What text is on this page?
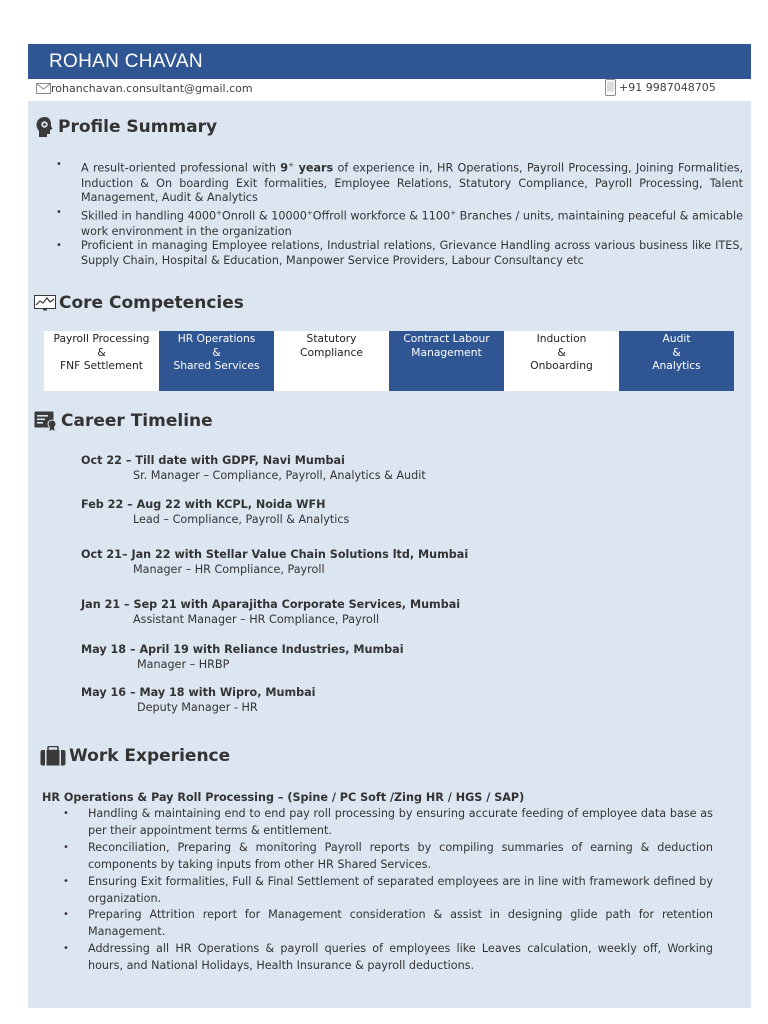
ROHAN CHAVAN
rohanchavan.consultant@gmail.com	+91 9987048705
Profile Summary
• A result-oriented professional with 9+ years of experience in, HR Operations, Payroll Processing, Joining Formalities, Induction & On boarding Exit formalities, Employee Relations, Statutory Compliance, Payroll Processing, Talent Management, Audit & Analytics
• Skilled in handling 4000+Onroll & 10000+Offroll workforce & 1100+ Branches / units, maintaining peaceful & amicable work environment in the organization
• Proficient in managing Employee relations, Industrial relations, Grievance Handling across various business like ITES, Supply Chain, Hospital & Education, Manpower Service Providers, Labour Consultancy etc
Core Competencies
Payroll Processing
&
FNF Settlement
HR Operations
&
Shared Services
Statutory
Compliance
Contract Labour
Management
Induction
&
Onboarding
Audit
&
Analytics
Career Timeline
Oct 22 – Till date with GDPF, Navi Mumbai
Sr. Manager – Compliance, Payroll, Analytics & Audit
Feb 22 – Aug 22 with KCPL, Noida WFH
Lead – Compliance, Payroll & Analytics
Oct 21– Jan 22 with Stellar Value Chain Solutions ltd, Mumbai
Manager – HR Compliance, Payroll
Jan 21 – Sep 21 with Aparajitha Corporate Services, Mumbai
Assistant Manager – HR Compliance, Payroll
May 18 – April 19 with Reliance Industries, Mumbai
Manager – HRBP
May 16 – May 18 with Wipro, Mumbai
Deputy Manager - HR
Work Experience
HR Operations & Pay Roll Processing – (Spine / PC Soft /Zing HR / HGS / SAP)
• Handling & maintaining end to end pay roll processing by ensuring accurate feeding of employee data base as per their appointment terms & entitlement.
• Reconciliation, Preparing & monitoring Payroll reports by compiling summaries of earning & deduction components by taking inputs from other HR Shared Services.
• Ensuring Exit formalities, Full & Final Settlement of separated employees are in line with framework defined by organization.
• Preparing Attrition report for Management consideration & assist in designing glide path for retention Management.
• Addressing all HR Operations & payroll queries of employees like Leaves calculation, weekly off, Working hours, and National Holidays, Health Insurance & payroll deductions.
